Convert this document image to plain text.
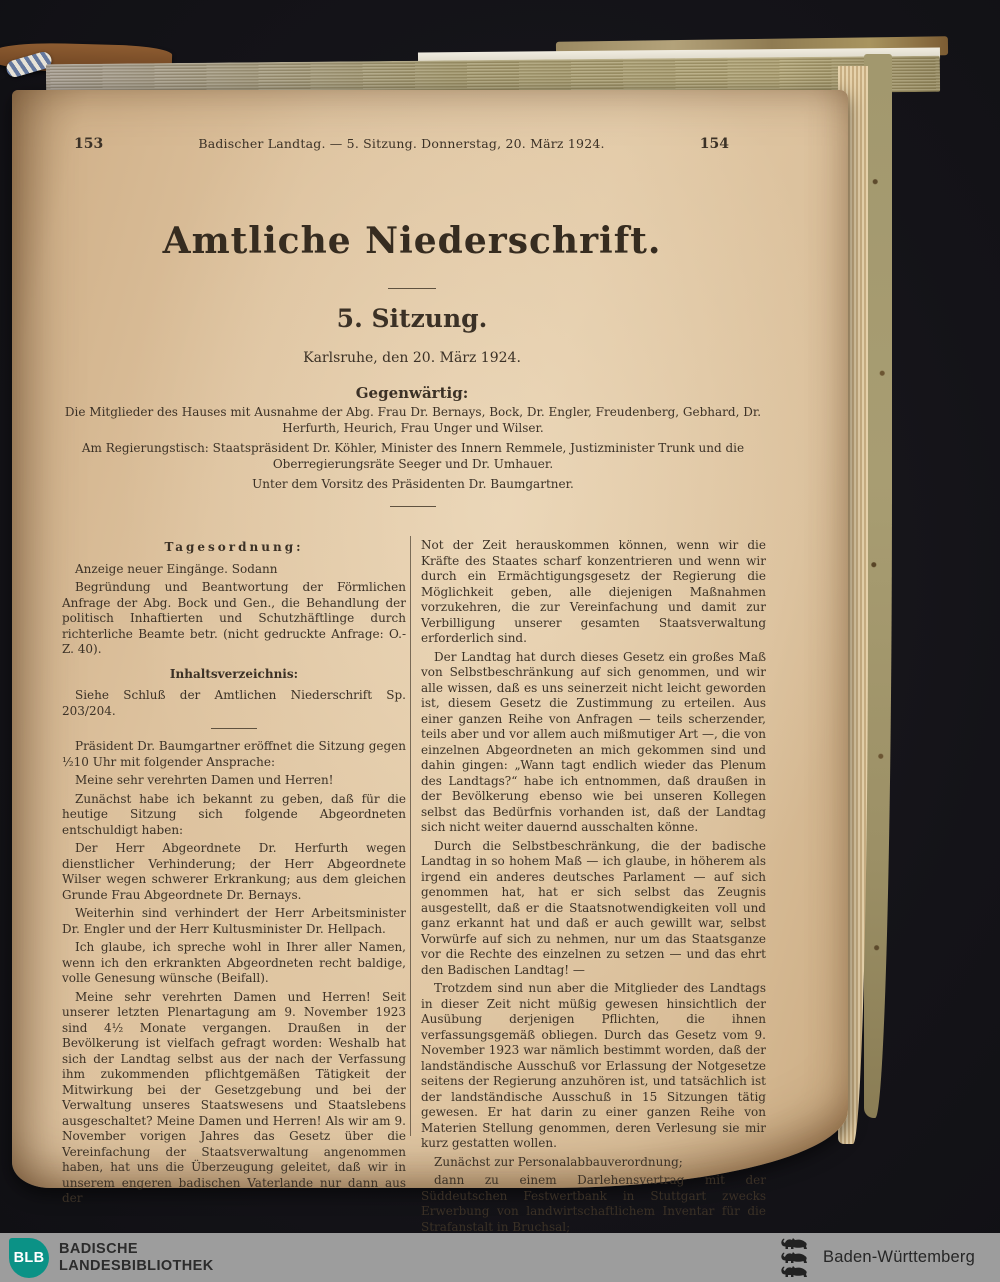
153	Badischer Landtag. — 5. Sitzung. Donnerstag, 20. März 1924.	154
Amtliche Niederschrift.
5. Sitzung.
Karlsruhe, den 20. März 1924.
Gegenwärtig:
Die Mitglieder des Hauses mit Ausnahme der Abg. Frau Dr. Bernays, Bock, Dr. Engler, Freudenberg, Gebhard, Dr. Herfurth, Heurich, Frau Unger und Wilser.
Am Regierungstisch: Staatspräsident Dr. Köhler, Minister des Innern Remmele, Justizminister Trunk und die Oberregierungsräte Seeger und Dr. Umhauer.
Unter dem Vorsitz des Präsidenten Dr. Baumgartner.
Tagesordnung:

Anzeige neuer Eingänge. Sodann

Begründung und Beantwortung der Förmlichen Anfrage der Abg. Bock und Gen., die Behandlung der politisch Inhaftierten und Schutzhäftlinge durch richterliche Beamte betr. (nicht gedruckte Anfrage: O.-Z. 40).

Inhaltsverzeichnis:

Siehe Schluß der Amtlichen Niederschrift Sp. 203/204.

Präsident Dr. Baumgartner eröffnet die Sitzung gegen ½10 Uhr mit folgender Ansprache:

Meine sehr verehrten Damen und Herren!

Zunächst habe ich bekannt zu geben, daß für die heutige Sitzung sich folgende Abgeordneten entschuldigt haben:

Der Herr Abgeordnete Dr. Herfurth wegen dienstlicher Verhinderung; der Herr Abgeordnete Wilser wegen schwerer Erkrankung; aus dem gleichen Grunde Frau Abgeordnete Dr. Bernays.

Weiterhin sind verhindert der Herr Arbeitsminister Dr. Engler und der Herr Kultusminister Dr. Hellpach.

Ich glaube, ich spreche wohl in Ihrer aller Namen, wenn ich den erkrankten Abgeordneten recht baldige, volle Genesung wünsche (Beifall).

Meine sehr verehrten Damen und Herren! Seit unserer letzten Plenartagung am 9. November 1923 sind 4½ Monate vergangen. Draußen in der Bevölkerung ist vielfach gefragt worden: Weshalb hat sich der Landtag selbst aus der nach der Verfassung ihm zukommenden pflichtgemäßen Tätigkeit der Mitwirkung bei der Gesetzgebung und bei der Verwaltung unseres Staatswesens und Staatslebens ausgeschaltet? Meine Damen und Herren! Als wir am 9. November vorigen Jahres das Gesetz über die Vereinfachung der Staatsverwaltung angenommen haben, hat uns die Überzeugung geleitet, daß wir in unserem engeren badischen Vaterlande nur dann aus der

Not der Zeit herauskommen können, wenn wir die Kräfte des Staates scharf konzentrieren und wenn wir durch ein Ermächtigungsgesetz der Regierung die Möglichkeit geben, alle diejenigen Maßnahmen vorzukehren, die zur Vereinfachung und damit zur Verbilligung unserer gesamten Staatsverwaltung erforderlich sind.

Der Landtag hat durch dieses Gesetz ein großes Maß von Selbstbeschränkung auf sich genommen, und wir alle wissen, daß es uns seinerzeit nicht leicht geworden ist, diesem Gesetz die Zustimmung zu erteilen. Aus einer ganzen Reihe von Anfragen — teils scherzender, teils aber und vor allem auch mißmutiger Art —, die von einzelnen Abgeordneten an mich gekommen sind und dahin gingen: „Wann tagt endlich wieder das Plenum des Landtags?“ habe ich entnommen, daß draußen in der Bevölkerung ebenso wie bei unseren Kollegen selbst das Bedürfnis vorhanden ist, daß der Landtag sich nicht weiter dauernd ausschalten könne.

Durch die Selbstbeschränkung, die der badische Landtag in so hohem Maß — ich glaube, in höherem als irgend ein anderes deutsches Parlament — auf sich genommen hat, hat er sich selbst das Zeugnis ausgestellt, daß er die Staatsnotwendigkeiten voll und ganz erkannt hat und daß er auch gewillt war, selbst Vorwürfe auf sich zu nehmen, nur um das Staatsganze vor die Rechte des einzelnen zu setzen — und das ehrt den Badischen Landtag! —

Trotzdem sind nun aber die Mitglieder des Landtags in dieser Zeit nicht müßig gewesen hinsichtlich der Ausübung derjenigen Pflichten, die ihnen verfassungsgemäß obliegen. Durch das Gesetz vom 9. November 1923 war nämlich bestimmt worden, daß der landständische Ausschuß vor Erlassung der Notgesetze seitens der Regierung anzuhören ist, und tatsächlich ist der landständische Ausschuß in 15 Sitzungen tätig gewesen. Er hat darin zu einer ganzen Reihe von Materien Stellung genommen, deren Verlesung sie mir kurz gestatten wollen.

Zunächst zur Personalabbauverordnung;

dann zu einem Darlehensvertrag mit der Süddeutschen Festwertbank in Stuttgart zwecks Erwerbung von landwirtschaftlichem Inventar für die Strafanstalt in Bruchsal;

BLB
BADISCHE
LANDESBIBLIOTHEK	Baden-Württemberg
